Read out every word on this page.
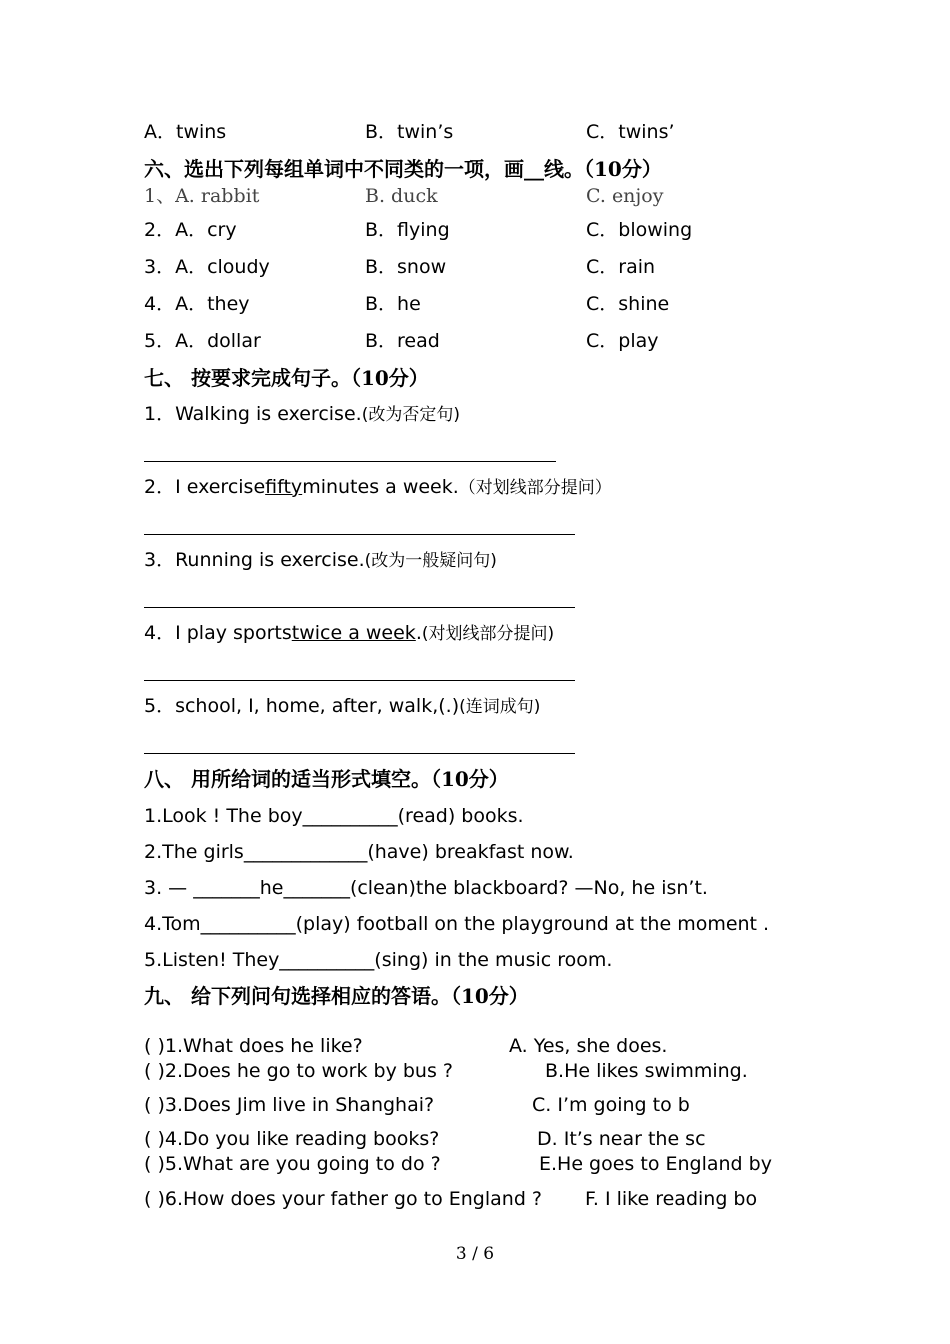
A．twins	B．twin’s	C．twins’
六、选出下列每组单词中不同类的一项，画__线。（10分）
1、A. rabbit	B. duck	C. enjoy
2．A．cry	B．flying	C．blowing
3．A．cloudy	B．snow	C．rain
4．A．they	B．he	C．shine
5．A．dollar	B．read	C．play
七、 按要求完成句子。（10分）
1．Walking is exercise.(改为否定句)
2．I exercisefiftyminutes a week.（对划线部分提问）
3．Running is exercise.(改为一般疑问句)
4．I play sportstwice a week.(对划线部分提问)
5．school, I, home, after, walk,(.)(连词成句)
八、 用所给词的适当形式填空。（10分）
1.Look ! The boy__________(read) books.
2.The girls_____________(have) breakfast now.
3. — _______he_______(clean)the blackboard? —No, he isn’t.
4.Tom__________(play) football on the playground at the moment .
5.Listen! They__________(sing) in the music room.
九、 给下列问句选择相应的答语。（10分）
( )1.What does he like?	A. Yes, she does.
( )2.Does he go to work by bus ?	B.He likes swimming.
( )3.Does Jim live in Shanghai?	C. I’m going to b
( )4.Do you like reading books?	D. It’s near the sc
( )5.What are you going to do ?	E.He goes to England by
( )6.How does your father go to England ? F. I like reading bo
3 / 6
